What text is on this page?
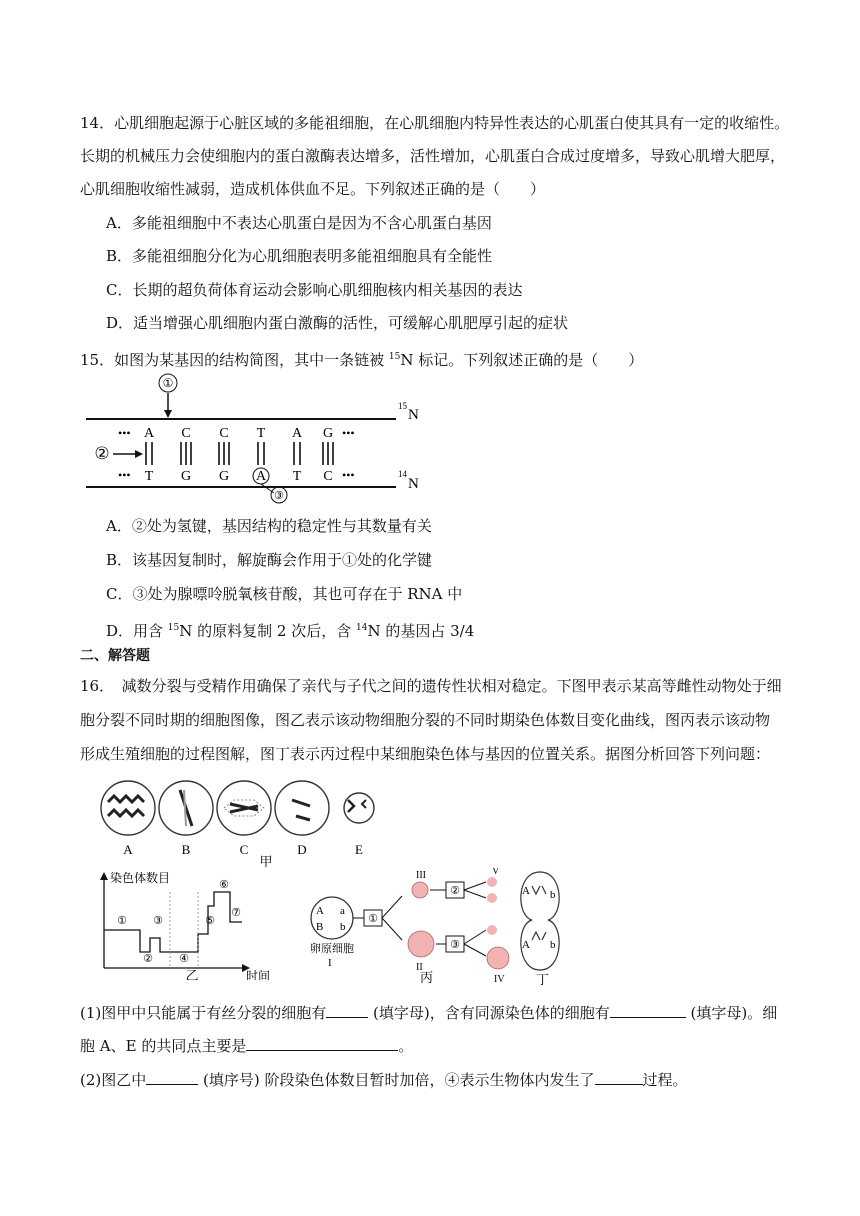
14．心肌细胞起源于心脏区域的多能祖细胞，在心肌细胞内特异性表达的心肌蛋白使其具有一定的收缩性。
长期的机械压力会使细胞内的蛋白激酶表达增多，活性增加，心肌蛋白合成过度增多，导致心肌增大肥厚，
心肌细胞收缩性减弱，造成机体供血不足。下列叙述正确的是（　　）
A．多能祖细胞中不表达心肌蛋白是因为不含心肌蛋白基因
B．多能祖细胞分化为心肌细胞表明多能祖细胞具有全能性
C．长期的超负荷体育运动会影响心肌细胞核内相关基因的表达
D．适当增强心肌细胞内蛋白激酶的活性，可缓解心肌肥厚引起的症状
15．如图为某基因的结构简图，其中一条链被 $^{15}$N 标记。下列叙述正确的是（　　）
①
②
•••
•••
•••
•••
A C C T A G
T G G A T C
③
15
N
14
N
A．②处为氢键，基因结构的稳定性与其数量有关
B．该基因复制时，解旋酶会作用于①处的化学键
C．③处为腺嘌呤脱氧核苷酸，其也可存在于 RNA 中
D．用含 $^{15}$N 的原料复制 2 次后，含 $^{14}$N 的基因占 3/4
二、解答题
16．　减数分裂与受精作用确保了亲代与子代之间的遗传性状相对稳定。下图甲表示某高等雌性动物处于细
胞分裂不同时期的细胞图像，图乙表示该动物细胞分裂的不同时期染色体数目变化曲线，图丙表示该动物
形成生殖细胞的过程图解，图丁表示丙过程中某细胞染色体与基因的位置关系。据图分析回答下列问题：
A	B	C	D	E
甲
染色体数目
时间
①
②
③
④
⑤
⑥
⑦
乙
A a
B b
卵原细胞
I
①
III
II
②
③
V
IV
丙
A b
A b
丁
(1)图甲中只能属于有丝分裂的细胞有	(填字母)，含有同源染色体的细胞有	(填字母)。细
胞 A、E 的共同点主要是	。
(2)图乙中	(填序号) 阶段染色体数目暂时加倍，④表示生物体内发生了	过程。
